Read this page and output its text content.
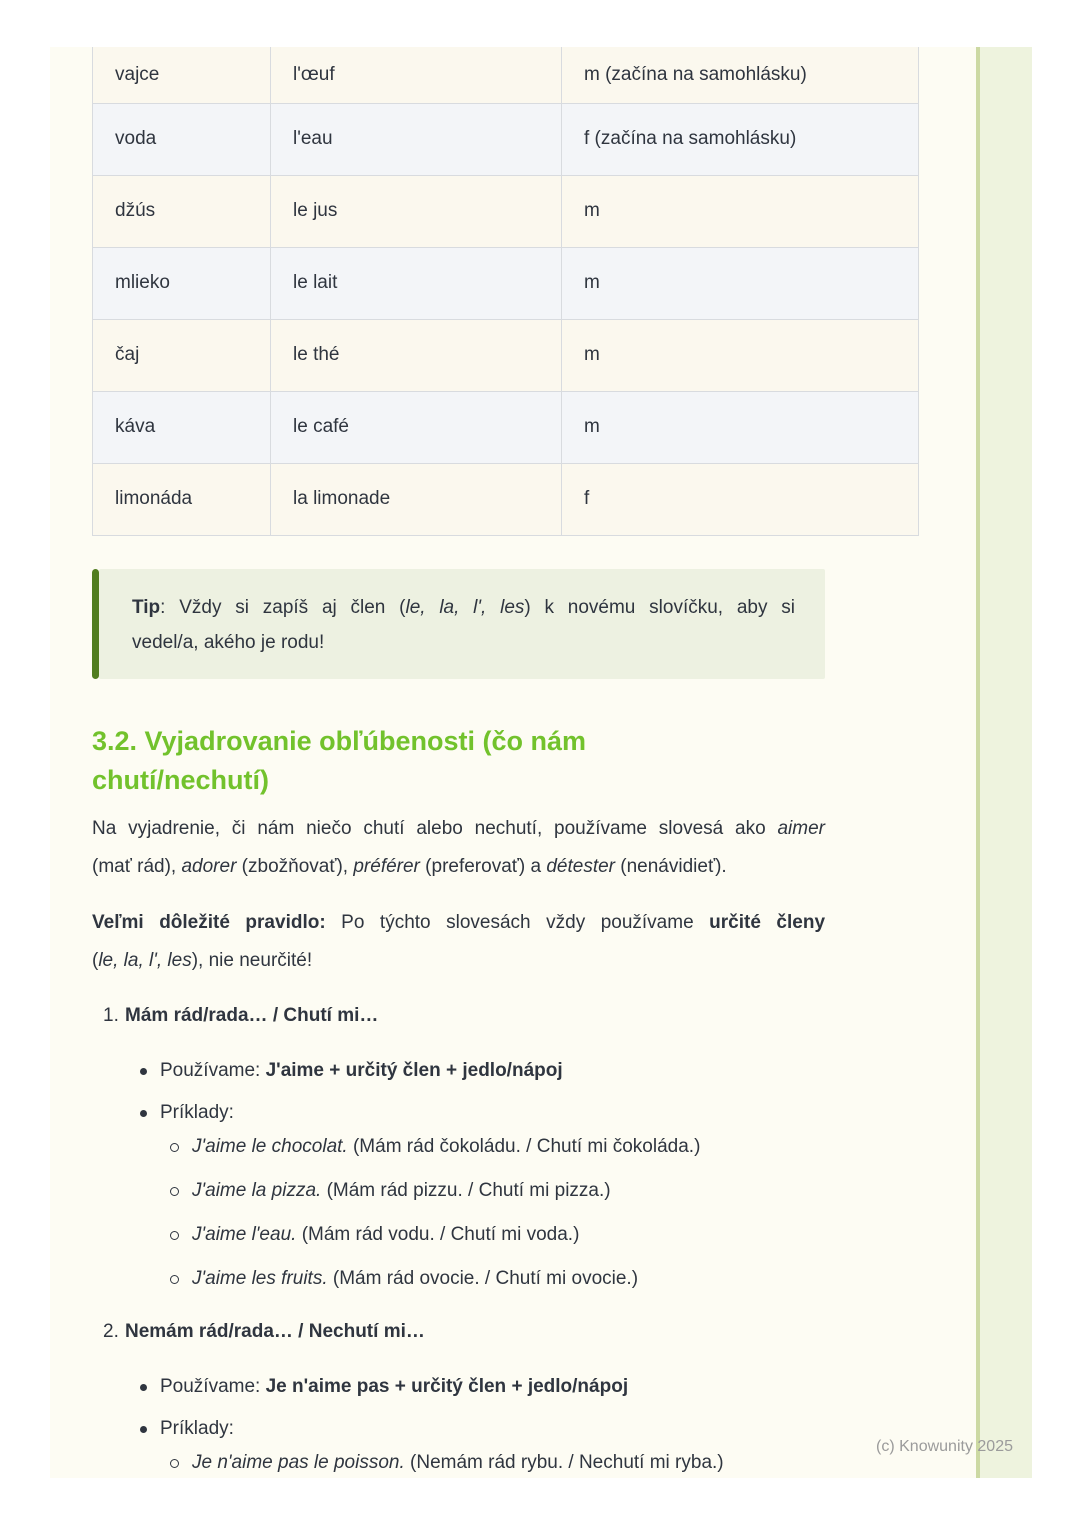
vajce	l'œuf	m (začína na samohlásku)
voda	l'eau	f (začína na samohlásku)
džús	le jus	m
mlieko	le lait	m
čaj	le thé	m
káva	le café	m
limonáda	la limonade	f
Tip: Vždy si zapíš aj člen (le, la, l', les) k novému slovíčku, aby si
vedel/a, akého je rodu!
3.2. Vyjadrovanie obľúbenosti (čo nám
chutí/nechutí)

Na vyjadrenie, či nám niečo chutí alebo nechutí, používame slovesá ako aimer
(mať rád), adorer (zbožňovať), préférer (preferovať) a détester (nenávidieť).

Veľmi dôležité pravidlo: Po týchto slovesách vždy používame určité členy
(le, la, l', les), nie neurčité!

1. Mám rád/rada… / Chutí mi…
Používame: J'aime + určitý člen + jedlo/nápoj
Príklady:
J'aime le chocolat. (Mám rád čokoládu. / Chutí mi čokoláda.)
J'aime la pizza. (Mám rád pizzu. / Chutí mi pizza.)
J'aime l'eau. (Mám rád vodu. / Chutí mi voda.)
J'aime les fruits. (Mám rád ovocie. / Chutí mi ovocie.)
2. Nemám rád/rada… / Nechutí mi…
Používame: Je n'aime pas + určitý člen + jedlo/nápoj
Príklady:
Je n'aime pas le poisson. (Nemám rád rybu. / Nechutí mi ryba.)
(c) Knowunity 2025
